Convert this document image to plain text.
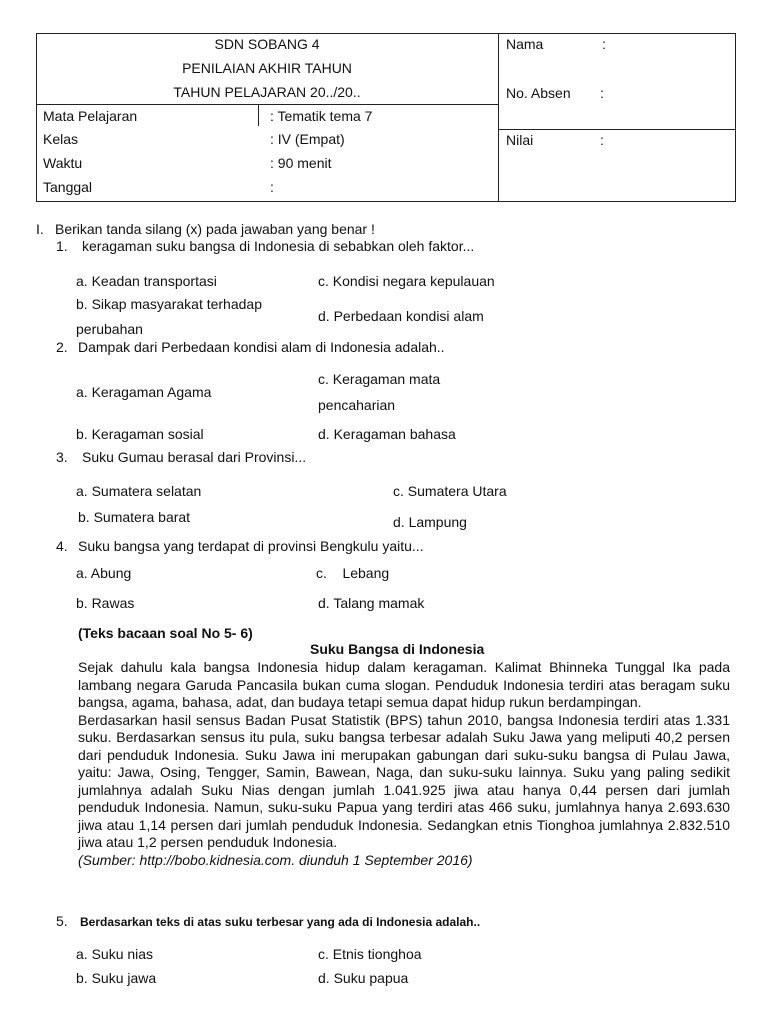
SDN SOBANG 4
PENILAIAN AKHIR TAHUN
TAHUN PELAJARAN 20../20..
Mata Pelajaran	: Tematik tema 7
Kelas	: IV (Empat)
Waktu	: 90 menit
Tanggal	:
Nama	:
No. Absen :
Nilai	:
I. Berikan tanda silang (x) pada jawaban yang benar !
1. keragaman suku bangsa di Indonesia di sebabkan oleh faktor...
a. Keadan transportasi	c. Kondisi negara kepulauan
b. Sikap masyarakat terhadap
perubahan
d. Perbedaan kondisi alam
2. Dampak dari Perbedaan kondisi alam di Indonesia adalah..
c. Keragaman mata
a. Keragaman Agama
pencaharian
b. Keragaman sosial	d. Keragaman bahasa
3. Suku Gumau berasal dari Provinsi...
a. Sumatera selatan	c. Sumatera Utara
b. Sumatera barat	d. Lampung
4. Suku bangsa yang terdapat di provinsi Bengkulu yaitu...
a. Abung	c.    Lebang
b. Rawas	d. Talang mamak
(Teks bacaan soal No 5- 6)
Suku Bangsa di Indonesia

Sejak dahulu kala bangsa Indonesia hidup dalam keragaman. Kalimat Bhinneka Tunggal Ika pada lambang negara Garuda Pancasila bukan cuma slogan. Penduduk Indonesia terdiri atas beragam suku bangsa, agama, bahasa, adat, dan budaya tetapi semua dapat hidup rukun berdampingan.

Berdasarkan hasil sensus Badan Pusat Statistik (BPS) tahun 2010, bangsa Indonesia terdiri atas 1.331 suku. Berdasarkan sensus itu pula, suku bangsa terbesar adalah Suku Jawa yang meliputi 40,2 persen dari penduduk Indonesia. Suku Jawa ini merupakan gabungan dari suku-suku bangsa di Pulau Jawa, yaitu: Jawa, Osing, Tengger, Samin, Bawean, Naga, dan suku-suku lainnya. Suku yang paling sedikit jumlahnya adalah Suku Nias dengan jumlah 1.041.925 jiwa atau hanya 0,44 persen dari jumlah penduduk Indonesia. Namun, suku-suku Papua yang terdiri atas 466 suku, jumlahnya hanya 2.693.630 jiwa atau 1,14 persen dari jumlah penduduk Indonesia. Sedangkan etnis Tionghoa jumlahnya 2.832.510 jiwa atau 1,2 persen penduduk Indonesia.

(Sumber: http://bobo.kidnesia.com. diunduh 1 September 2016)

5. Berdasarkan teks di atas suku terbesar yang ada di Indonesia adalah..
a. Suku nias	c. Etnis tionghoa
b. Suku jawa	d. Suku papua
